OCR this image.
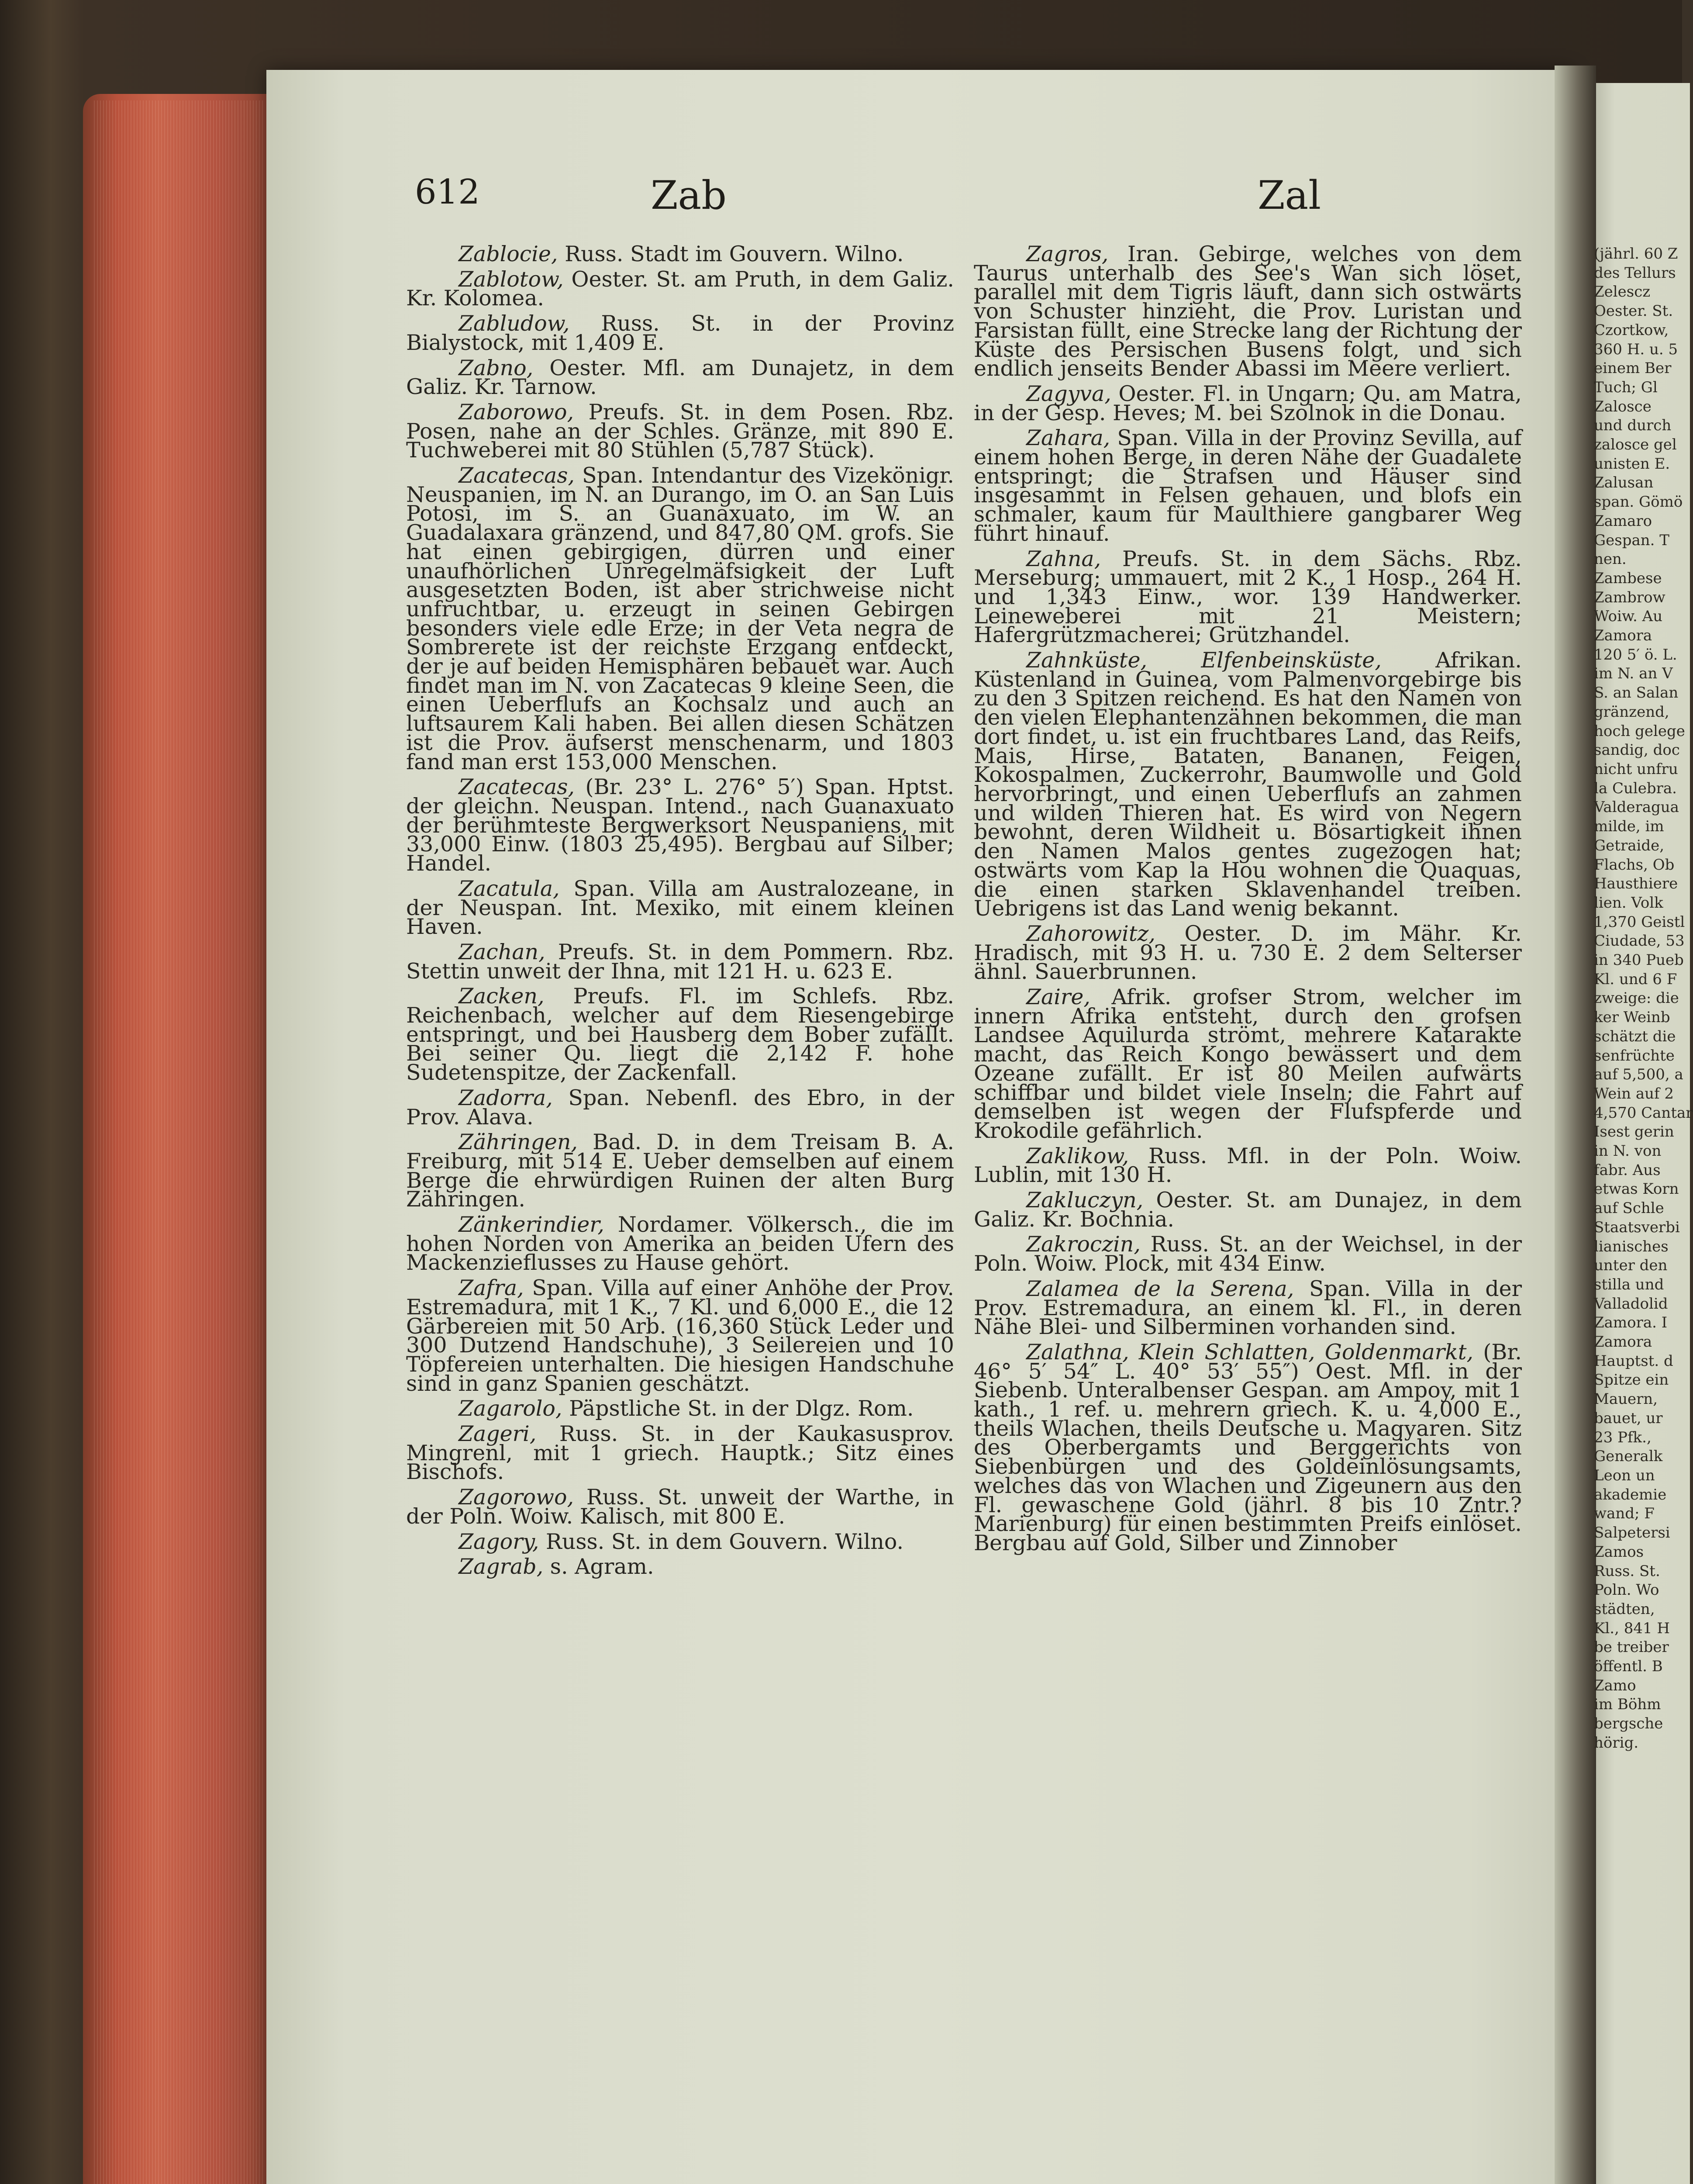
612	Zab	Zal
Zablocie, Russ. Stadt im Gouvern. Wilno.
Zablotow, Oester. St. am Pruth, in dem Galiz. Kr. Kolomea.
Zabludow, Russ. St. in der Provinz Bialystock, mit 1,409 E.
Zabno, Oester. Mfl. am Dunajetz, in dem Galiz. Kr. Tarnow.
Zaborowo, Preufs. St. in dem Posen. Rbz. Posen, nahe an der Schles. Gränze, mit 890 E. Tuchweberei mit 80 Stühlen (5,787 Stück).
Zacatecas, Span. Intendantur des Vizekönigr. Neuspanien, im N. an Durango, im O. an San Luis Potosi, im S. an Guanaxuato, im W. an Guadalaxara gränzend, und 847,80 QM. grofs. Sie hat einen gebirgigen, dürren und einer unaufhörlichen Unregelmäfsigkeit der Luft ausgesetzten Boden, ist aber strichweise nicht unfruchtbar, u. erzeugt in seinen Gebirgen besonders viele edle Erze; in der Veta negra de Sombrerete ist der reichste Erzgang entdeckt, der je auf beiden Hemisphären bebauet war. Auch findet man im N. von Zacatecas 9 kleine Seen, die einen Ueberflufs an Kochsalz und auch an luftsaurem Kali haben. Bei allen diesen Schätzen ist die Prov. äufserst menschenarm, und 1803 fand man erst 153,000 Menschen.
Zacatecas, (Br. 23° L. 276° 5′) Span. Hptst. der gleichn. Neuspan. Intend., nach Guanaxuato der berühmteste Bergwerksort Neuspaniens, mit 33,000 Einw. (1803 25,495). Bergbau auf Silber; Handel.
Zacatula, Span. Villa am Australozeane, in der Neuspan. Int. Mexiko, mit einem kleinen Haven.
Zachan, Preufs. St. in dem Pommern. Rbz. Stettin unweit der Ihna, mit 121 H. u. 623 E.
Zacken, Preufs. Fl. im Schlefs. Rbz. Reichenbach, welcher auf dem Riesengebirge entspringt, und bei Hausberg dem Bober zufällt. Bei seiner Qu. liegt die 2,142 F. hohe Sudetenspitze, der Zackenfall.
Zadorra, Span. Nebenfl. des Ebro, in der Prov. Alava.
Zähringen, Bad. D. in dem Treisam B. A. Freiburg, mit 514 E. Ueber demselben auf einem Berge die ehrwürdigen Ruinen der alten Burg Zähringen.
Zänkerindier, Nordamer. Völkersch., die im hohen Norden von Amerika an beiden Ufern des Mackenzieflusses zu Hause gehört.
Zafra, Span. Villa auf einer Anhöhe der Prov. Estremadura, mit 1 K., 7 Kl. und 6,000 E., die 12 Gärbereien mit 50 Arb. (16,360 Stück Leder und 300 Dutzend Handschuhe), 3 Seilereien und 10 Töpfereien unterhalten. Die hiesigen Handschuhe sind in ganz Spanien geschätzt.
Zagarolo, Päpstliche St. in der Dlgz. Rom.
Zageri, Russ. St. in der Kaukasusprov. Mingrenl, mit 1 griech. Hauptk.; Sitz eines Bischofs.
Zagorowo, Russ. St. unweit der Warthe, in der Poln. Woiw. Kalisch, mit 800 E.
Zagory, Russ. St. in dem Gouvern. Wilno.
Zagrab, s. Agram.
Zagros, Iran. Gebirge, welches von dem Taurus unterhalb des See's Wan sich löset, parallel mit dem Tigris läuft, dann sich ostwärts von Schuster hinzieht, die Prov. Luristan und Farsistan füllt, eine Strecke lang der Richtung der Küste des Persischen Busens folgt, und sich endlich jenseits Bender Abassi im Meere verliert.
Zagyva, Oester. Fl. in Ungarn; Qu. am Matra, in der Gesp. Heves; M. bei Szolnok in die Donau.
Zahara, Span. Villa in der Provinz Sevilla, auf einem hohen Berge, in deren Nähe der Guadalete entspringt; die Strafsen und Häuser sind insgesammt in Felsen gehauen, und blofs ein schmaler, kaum für Maulthiere gangbarer Weg führt hinauf.
Zahna, Preufs. St. in dem Sächs. Rbz. Merseburg; ummauert, mit 2 K., 1 Hosp., 264 H. und 1,343 Einw., wor. 139 Handwerker. Leineweberei mit 21 Meistern; Hafergrützmacherei; Grützhandel.
Zahnküste, Elfenbeinsküste,	Afrikan. Küstenland in Guinea, vom Palmenvorgebirge bis zu den 3 Spitzen reichend. Es hat den Namen von den vielen Elephantenzähnen bekommen, die man dort findet, u. ist ein fruchtbares Land, das Reifs, Mais, Hirse, Bataten, Bananen, Feigen, Kokospalmen, Zuckerrohr, Baumwolle und Gold hervorbringt, und einen Ueberflufs an zahmen und wilden Thieren hat. Es wird von Negern bewohnt, deren Wildheit u. Bösartigkeit ihnen den Namen Malos gentes zugezogen hat; ostwärts vom Kap la Hou wohnen die Quaquas, die einen starken Sklavenhandel treiben. Uebrigens ist das Land wenig bekannt.
Zahorowitz, Oester. D. im Mähr. Kr. Hradisch, mit 93 H. u. 730 E. 2 dem Selterser ähnl. Sauerbrunnen.
Zaire, Afrik. grofser Strom, welcher im innern Afrika entsteht, durch den grofsen Landsee Aquilurda strömt, mehrere Katarakte macht, das Reich Kongo bewässert und dem Ozeane zufällt. Er ist 80 Meilen aufwärts schiffbar und bildet viele Inseln; die Fahrt auf demselben ist wegen der Flufspferde und Krokodile gefährlich.
Zaklikow, Russ. Mfl. in der Poln. Woiw. Lublin, mit 130 H.
Zakluczyn, Oester. St. am Dunajez, in dem Galiz. Kr. Bochnia.
Zakroczin, Russ. St. an der Weichsel, in der Poln. Woiw. Plock, mit 434 Einw.
Zalamea de la Serena, Span. Villa in der Prov. Estremadura, an einem kl. Fl., in deren Nähe Blei- und Silberminen vorhanden sind.
Zalathna, Klein Schlatten, Goldenmarkt, (Br. 46° 5′ 54″ L. 40° 53′ 55″) Oest. Mfl. in der Siebenb. Unteralbenser Gespan. am Ampoy, mit 1 kath., 1 ref. u. mehrern griech. K. u. 4,000 E., theils Wlachen, theils Deutsche u. Magyaren. Sitz des Oberbergamts und Berggerichts von Siebenbürgen und des Goldeinlösungsamts, welches das von Wlachen und Zigeunern aus den Fl. gewaschene Gold (jährl. 8 bis 10 Zntr.? Marienburg) für einen bestimmten Preifs einlöset. Bergbau auf Gold, Silber und Zinnober
(jährl. 60 Z
des Tellurs
Zelescz
Oester. St.
Czortkow,
360 H. u. 5
einem Ber
Tuch; Gl
Zalosce
und durch
zalosce gel
unisten E.
Zalusan
span. Gömö
Zamaro
Gespan. T
nen.
Zambese
Zambrow
Woiw. Au
Zamora
120 5′ ö. L.
im N. an V
S. an Salan
gränzend,
hoch gelege
sandig, doc
nicht unfru
la Culebra.
Valderagua
milde, im
Getraide,
Flachs, Ob
Hausthiere
lien. Volk
1,370 Geistl
Ciudade, 53
in 340 Pueb
Kl. und 6 F
zweige: die
ker Weinb
schätzt die
senfrüchte
auf 5,500, a
Wein auf 2
4,570 Cantar
Isest gerin
in N. von
fabr. Aus
etwas Korn
auf Schle
Staatsverbi
lianisches
unter den
stilla und
Valladolid
Zamora. I
Zamora
Hauptst. d
Spitze ein
Mauern,
bauet, ur
23 Pfk.,
Generalk
Leon un
akademie
wand; F
Salpetersi
Zamos
Russ. St.
Poln. Wo
städten,
Kl., 841 H
be treiber
öffentl. B
Zamo
im Böhm
bergsche
hörig.
